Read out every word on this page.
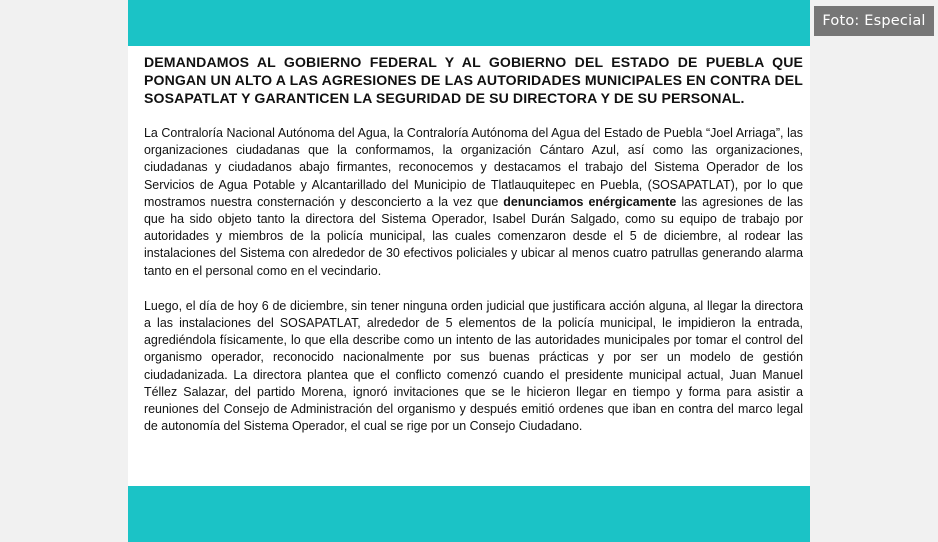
DEMANDAMOS AL GOBIERNO FEDERAL Y AL GOBIERNO DEL ESTADO DE PUEBLA QUE PONGAN UN ALTO A LAS AGRESIONES DE LAS AUTORIDADES MUNICIPALES EN CONTRA DEL SOSAPATLAT Y GARANTICEN LA SEGURIDAD DE SU DIRECTORA Y DE SU PERSONAL.

La Contraloría Nacional Autónoma del Agua, la Contraloría Autónoma del Agua del Estado de Puebla “Joel Arriaga”, las organizaciones ciudadanas que la conformamos, la organización Cántaro Azul, así como las organizaciones, ciudadanas y ciudadanos abajo firmantes, reconocemos y destacamos el trabajo del Sistema Operador de los Servicios de Agua Potable y Alcantarillado del Municipio de Tlatlauquitepec en Puebla, (SOSAPATLAT), por lo que mostramos nuestra consternación y desconcierto a la vez que denunciamos enérgicamente las agresiones de las que ha sido objeto tanto la directora del Sistema Operador, Isabel Durán Salgado, como su equipo de trabajo por autoridades y miembros de la policía municipal, las cuales comenzaron desde el 5 de diciembre, al rodear las instalaciones del Sistema con alrededor de 30 efectivos policiales y ubicar al menos cuatro patrullas generando alarma tanto en el personal como en el vecindario.

Luego, el día de hoy 6 de diciembre, sin tener ninguna orden judicial que justificara acción alguna, al llegar la directora a las instalaciones del SOSAPATLAT, alrededor de 5 elementos de la policía municipal, le impidieron la entrada, agrediéndola físicamente, lo que ella describe como un intento de las autoridades municipales por tomar el control del organismo operador, reconocido nacionalmente por sus buenas prácticas y por ser un modelo de gestión ciudadanizada. La directora plantea que el conflicto comenzó cuando el presidente municipal actual, Juan Manuel Téllez Salazar, del partido Morena, ignoró invitaciones que se le hicieron llegar en tiempo y forma para asistir a reuniones del Consejo de Administración del organismo y después emitió ordenes que iban en contra del marco legal de autonomía del Sistema Operador, el cual se rige por un Consejo Ciudadano.

Foto: Especial
